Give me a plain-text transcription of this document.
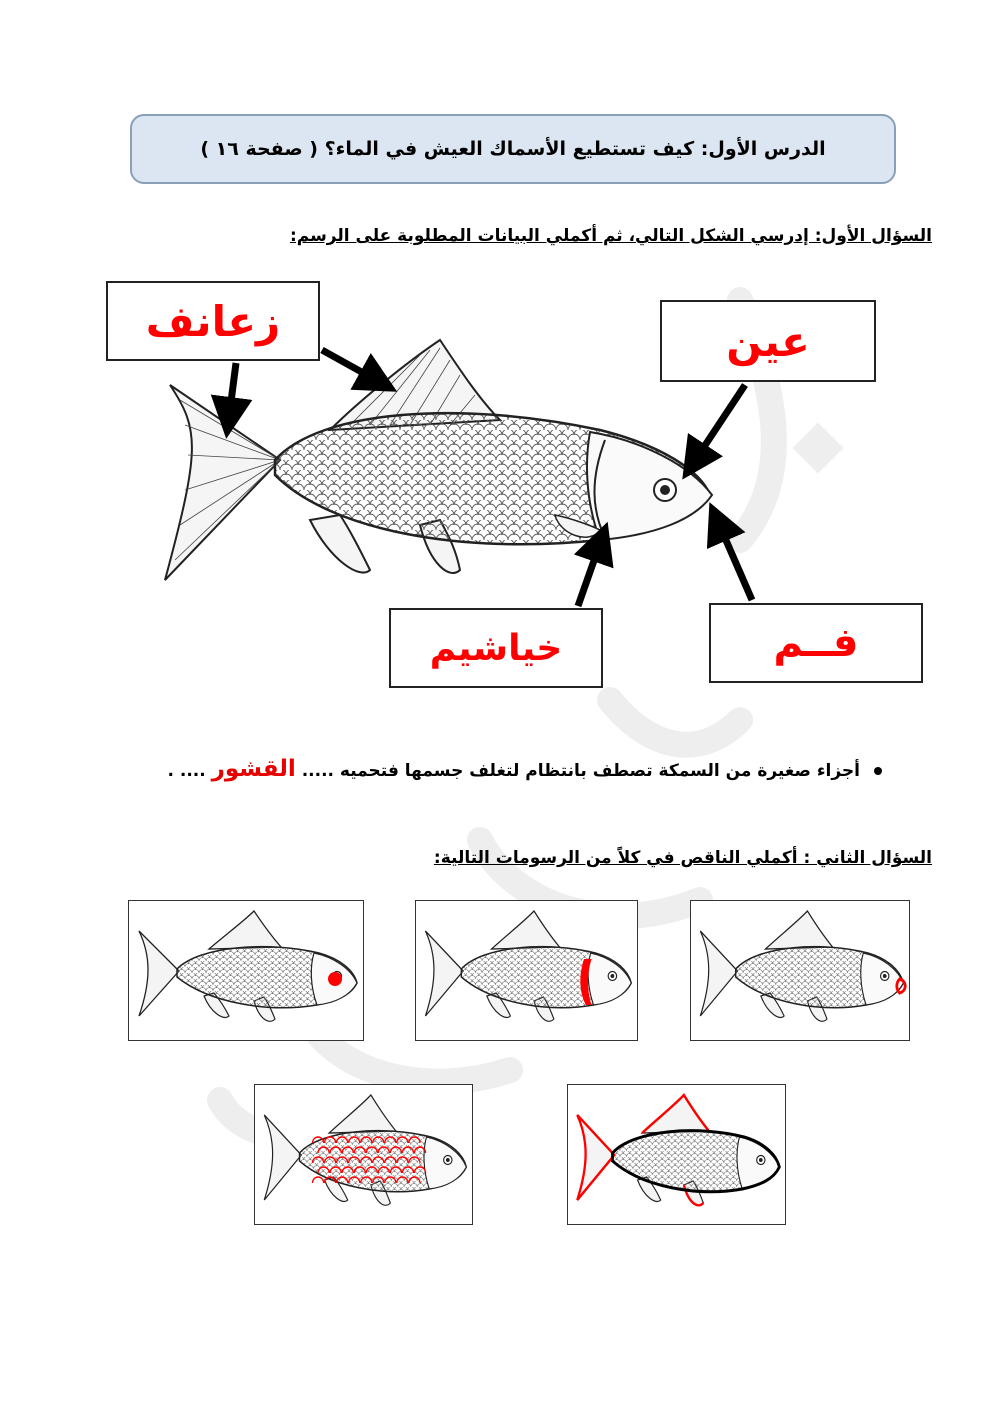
الدرس الأول: كيف تستطيع الأسماك العيش في الماء؟ ( صفحة ١٦ )
السؤال الأول: إدرسي الشكل التالي، ثم أكملي البيانات المطلوبة على الرسم:
زعانف	عين
خياشيم	فــم
أجزاء صغيرة من السمكة تصطف بانتظام لتغلف جسمها فتحميه ..... القشور .... .
السؤال الثاني : أكملي الناقص في كلاً من الرسومات التالية:
